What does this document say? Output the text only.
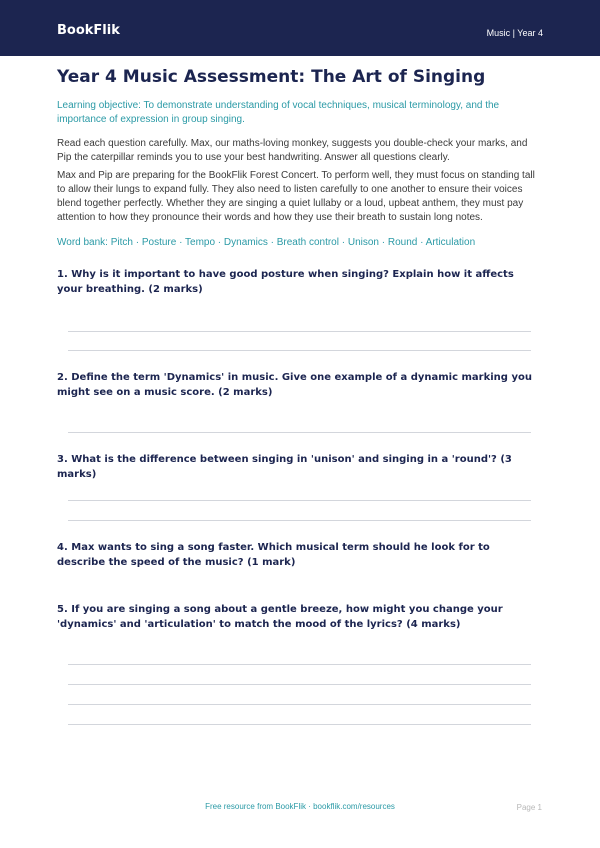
BookFlik	Music | Year 4
Year 4 Music Assessment: The Art of Singing
Learning objective: To demonstrate understanding of vocal techniques, musical terminology, and the importance of expression in group singing.
Read each question carefully. Max, our maths-loving monkey, suggests you double-check your marks, and Pip the caterpillar reminds you to use your best handwriting. Answer all questions clearly.
Max and Pip are preparing for the BookFlik Forest Concert. To perform well, they must focus on standing tall to allow their lungs to expand fully. They also need to listen carefully to one another to ensure their voices blend together perfectly. Whether they are singing a quiet lullaby or a loud, upbeat anthem, they must pay attention to how they pronounce their words and how they use their breath to sustain long notes.
Word bank: Pitch · Posture · Tempo · Dynamics · Breath control · Unison · Round · Articulation
1. Why is it important to have good posture when singing? Explain how it affects your breathing. (2 marks)
2. Define the term 'Dynamics' in music. Give one example of a dynamic marking you might see on a music score. (2 marks)
3. What is the difference between singing in 'unison' and singing in a 'round'? (3 marks)
4. Max wants to sing a song faster. Which musical term should he look for to describe the speed of the music? (1 mark)
5. If you are singing a song about a gentle breeze, how might you change your 'dynamics' and 'articulation' to match the mood of the lyrics? (4 marks)
Free resource from BookFlik · bookflik.com/resources	Page 1
